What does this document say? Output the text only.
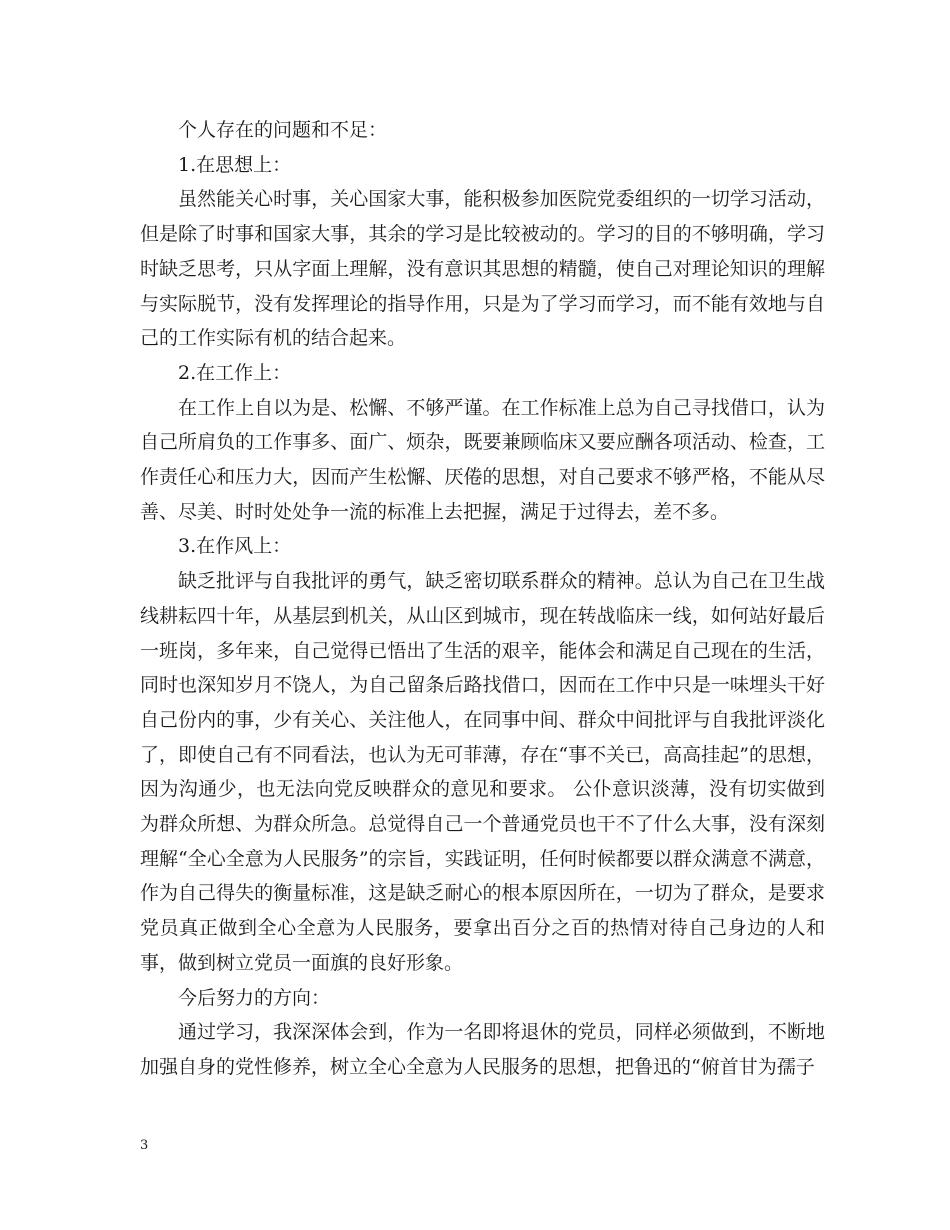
个人存在的问题和不足：

1.在思想上：

虽然能关心时事，关心国家大事，能积极参加医院党委组织的一切学习活动，但是除了时事和国家大事，其余的学习是比较被动的。学习的目的不够明确，学习时缺乏思考，只从字面上理解，没有意识其思想的精髓，使自己对理论知识的理解与实际脱节，没有发挥理论的指导作用，只是为了学习而学习，而不能有效地与自己的工作实际有机的结合起来。

2.在工作上：

在工作上自以为是、松懈、不够严谨。在工作标准上总为自己寻找借口，认为自己所肩负的工作事多、面广、烦杂，既要兼顾临床又要应酬各项活动、检查，工作责任心和压力大，因而产生松懈、厌倦的思想，对自己要求不够严格，不能从尽善、尽美、时时处处争一流的标准上去把握，满足于过得去，差不多。

3.在作风上：

缺乏批评与自我批评的勇气，缺乏密切联系群众的精神。总认为自己在卫生战线耕耘四十年，从基层到机关，从山区到城市，现在转战临床一线，如何站好最后一班岗，多年来，自己觉得已悟出了生活的艰辛，能体会和满足自己现在的生活，同时也深知岁月不饶人，为自己留条后路找借口，因而在工作中只是一味埋头干好自己份内的事，少有关心、关注他人，在同事中间、群众中间批评与自我批评淡化了，即使自己有不同看法，也认为无可菲薄，存在“事不关已，高高挂起”的思想，因为沟通少，也无法向党反映群众的意见和要求。 公仆意识淡薄，没有切实做到为群众所想、为群众所急。总觉得自己一个普通党员也干不了什么大事，没有深刻理解“全心全意为人民服务”的宗旨，实践证明，任何时候都要以群众满意不满意，作为自己得失的衡量标准，这是缺乏耐心的根本原因所在，一切为了群众，是要求党员真正做到全心全意为人民服务，要拿出百分之百的热情对待自己身边的人和事，做到树立党员一面旗的良好形象。

今后努力的方向：

通过学习，我深深体会到，作为一名即将退休的党员，同样必须做到，不断地加强自身的党性修养，树立全心全意为人民服务的思想，把鲁迅的“俯首甘为孺子

3
